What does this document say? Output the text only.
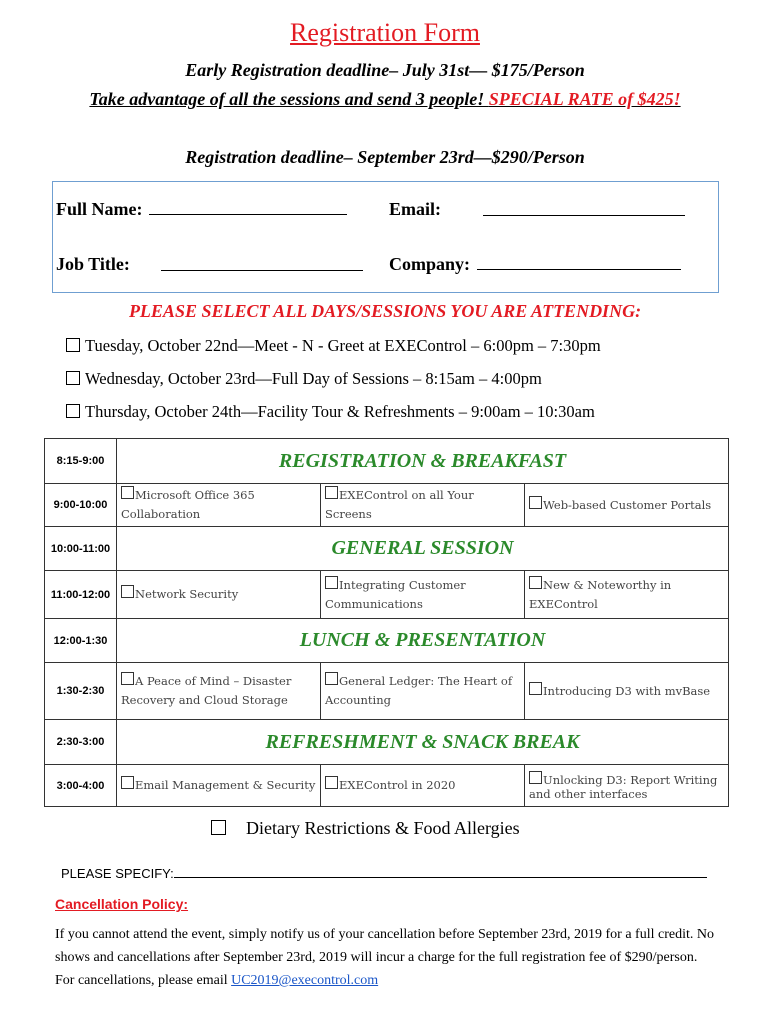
Registration Form
Early Registration deadline– July 31st— $175/Person
Take advantage of all the sessions and send 3 people! SPECIAL RATE of $425!
Registration deadline– September 23rd—$290/Person
Full Name:	Email:
Job Title:	Company:
PLEASE SELECT ALL DAYS/SESSIONS YOU ARE ATTENDING:
Tuesday, October 22nd—Meet - N - Greet at EXEControl – 6:00pm – 7:30pm
Wednesday, October 23rd—Full Day of Sessions – 8:15am – 4:00pm
Thursday, October 24th—Facility Tour & Refreshments – 9:00am – 10:30am
8:15-9:00	REGISTRATION & BREAKFAST		
9:00-10:00	Microsoft Office 365 Collaboration	EXEControl on all Your Screens	Web-based Customer Portals
10:00-11:00	GENERAL SESSION		
11:00-12:00	Network Security	Integrating Customer Communications	New & Noteworthy in EXEControl
12:00-1:30	LUNCH & PRESENTATION		
1:30-2:30	A Peace of Mind – Disaster Recovery and Cloud Storage	General Ledger: The Heart of Accounting	Introducing D3 with mvBase
2:30-3:00	REFRESHMENT & SNACK BREAK		
3:00-4:00	Email Management & Security	EXEControl in 2020	Unlocking D3: Report Writing and other interfaces
Dietary Restrictions & Food Allergies
PLEASE SPECIFY:
Cancellation Policy:
If you cannot attend the event, simply notify us of your cancellation before September 23rd, 2019 for a full credit. No shows and cancellations after September 23rd, 2019 will incur a charge for the full registration fee of $290/person. For cancellations, please email UC2019@execontrol.com
